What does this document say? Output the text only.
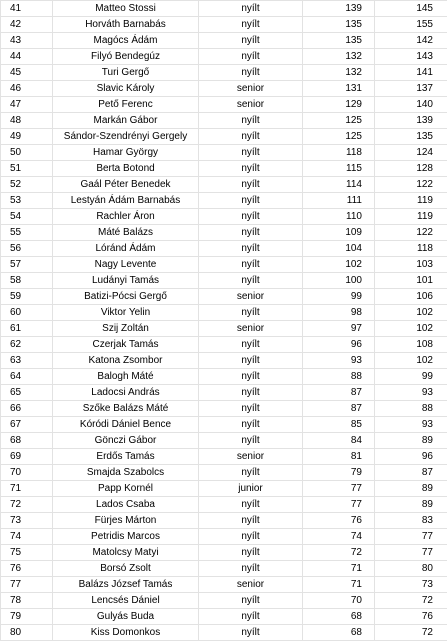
41	Matteo Stossi	nyílt	139	145
42	Horváth Barnabás	nyílt	135	155
43	Magócs Ádám	nyílt	135	142
44	Filyó Bendegúz	nyílt	132	143
45	Turi Gergő	nyílt	132	141
46	Slavic Károly	senior	131	137
47	Pető Ferenc	senior	129	140
48	Markán Gábor	nyílt	125	139
49	Sándor-Szendrényi Gergely	nyílt	125	135
50	Hamar György	nyílt	118	124
51	Berta Botond	nyílt	115	128
52	Gaál Péter Benedek	nyílt	114	122
53	Lestyán Ádám Barnabás	nyílt	111	119
54	Rachler Áron	nyílt	110	119
55	Máté Balázs	nyílt	109	122
56	Lóránd Ádám	nyílt	104	118
57	Nagy Levente	nyílt	102	103
58	Ludányi Tamás	nyílt	100	101
59	Batizi-Pócsi Gergő	senior	99	106
60	Viktor Yelin	nyílt	98	102
61	Szij Zoltán	senior	97	102
62	Czerjak Tamás	nyílt	96	108
63	Katona Zsombor	nyílt	93	102
64	Balogh Máté	nyílt	88	99
65	Ladocsi András	nyílt	87	93
66	Szőke Balázs Máté	nyílt	87	88
67	Kóródi Dániel Bence	nyílt	85	93
68	Gönczi Gábor	nyílt	84	89
69	Erdős Tamás	senior	81	96
70	Smajda Szabolcs	nyílt	79	87
71	Papp Kornél	junior	77	89
72	Lados Csaba	nyílt	77	89
73	Fürjes Márton	nyílt	76	83
74	Petridis Marcos	nyílt	74	77
75	Matolcsy Matyi	nyílt	72	77
76	Borsó Zsolt	nyílt	71	80
77	Balázs József Tamás	senior	71	73
78	Lencsés Dániel	nyílt	70	72
79	Gulyás Buda	nyílt	68	76
80	Kiss Domonkos	nyílt	68	72
